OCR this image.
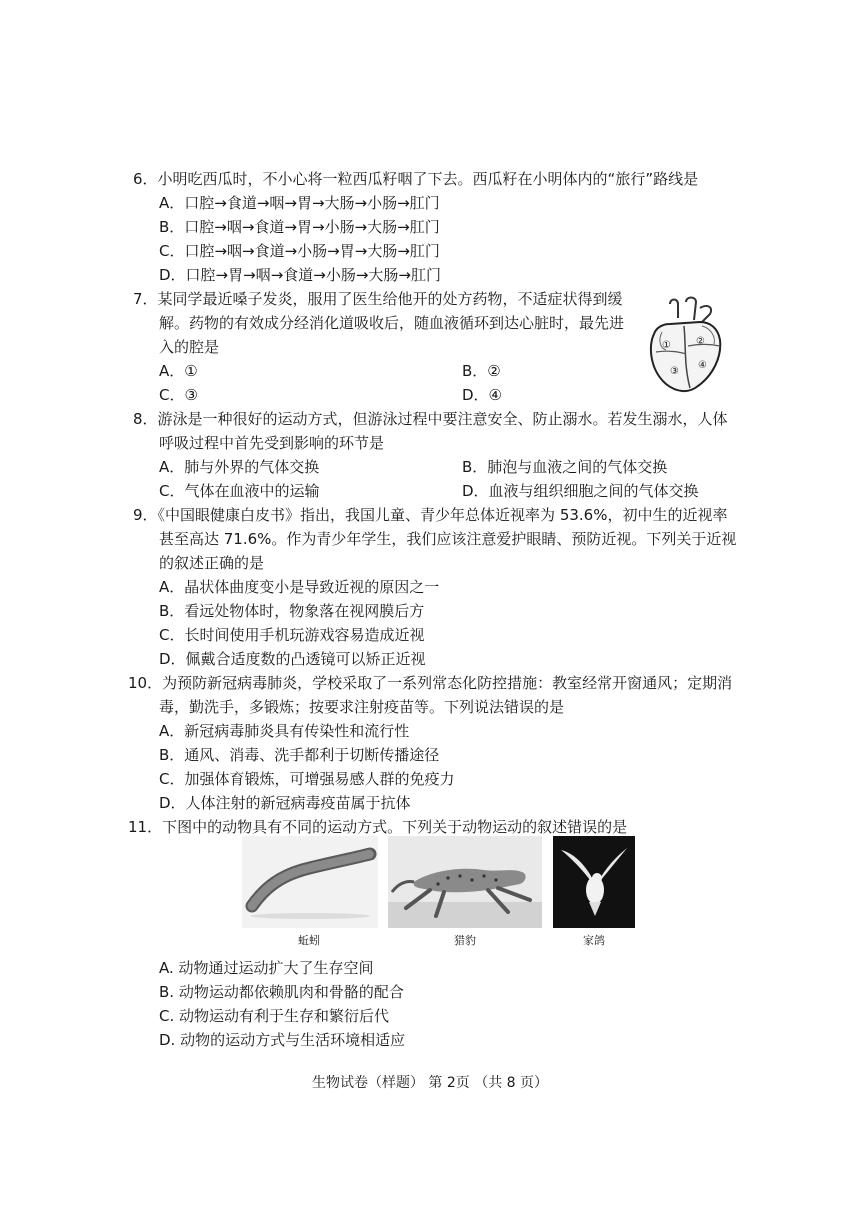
6．小明吃西瓜时，不小心将一粒西瓜籽咽了下去。西瓜籽在小明体内的“旅行”路线是
A．口腔→食道→咽→胃→大肠→小肠→肛门
B．口腔→咽→食道→胃→小肠→大肠→肛门
C．口腔→咽→食道→小肠→胃→大肠→肛门
D．口腔→胃→咽→食道→小肠→大肠→肛门
7．某同学最近嗓子发炎，服用了医生给他开的处方药物，不适症状得到缓
解。药物的有效成分经消化道吸收后，随血液循环到达心脏时，最先进
入的腔是
A．①	B．②
C．③	D．④
①	②
③
④
8．游泳是一种很好的运动方式，但游泳过程中要注意安全、防止溺水。若发生溺水，人体
呼吸过程中首先受到影响的环节是
A．肺与外界的气体交换	B．肺泡与血液之间的气体交换
C．气体在血液中的运输	D．血液与组织细胞之间的气体交换
9．《中国眼健康白皮书》指出，我国儿童、青少年总体近视率为 53.6%，初中生的近视率
甚至高达 71.6%。作为青少年学生，我们应该注意爱护眼睛、预防近视。下列关于近视
的叙述正确的是
A．晶状体曲度变小是导致近视的原因之一
B．看远处物体时，物象落在视网膜后方
C．长时间使用手机玩游戏容易造成近视
D．佩戴合适度数的凸透镜可以矫正近视
10．为预防新冠病毒肺炎，学校采取了一系列常态化防控措施：教室经常开窗通风；定期消
毒，勤洗手，多锻炼；按要求注射疫苗等。下列说法错误的是
A．新冠病毒肺炎具有传染性和流行性
B．通风、消毒、洗手都利于切断传播途径
C．加强体育锻炼，可增强易感人群的免疫力
D．人体注射的新冠病毒疫苗属于抗体
11．下图中的动物具有不同的运动方式。下列关于动物运动的叙述错误的是
蚯蚓	猎豹	家鸽
A. 动物通过运动扩大了生存空间
B. 动物运动都依赖肌肉和骨骼的配合
C. 动物运动有利于生存和繁衍后代
D. 动物的运动方式与生活环境相适应
生物试卷（样题） 第 2页 （共 8 页）
